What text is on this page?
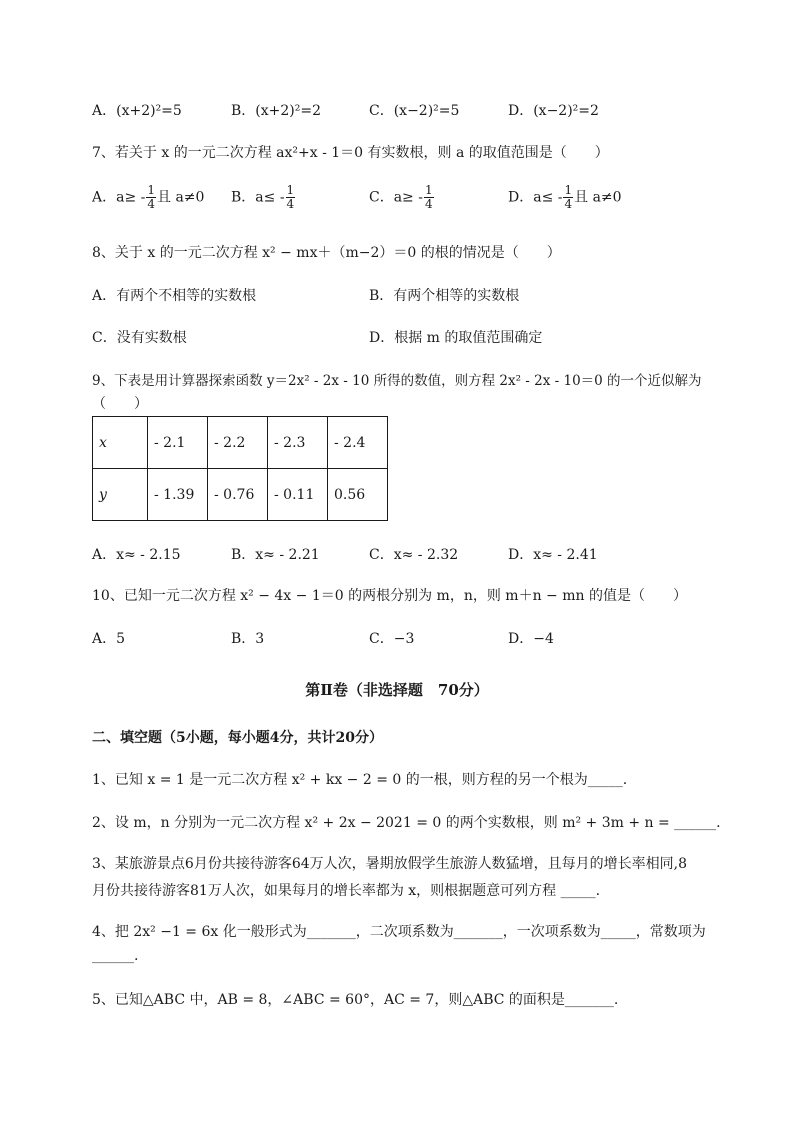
A．(x+2)²=5	B．(x+2)²=2	C．(x−2)²=5	D．(x−2)²=2
7、若关于 x 的一元二次方程 ax²+x - 1＝0 有实数根，则 a 的取值范围是（　　）
A．$a\ge - \frac{1}{4}$ 且 a≠0 B．$a\le - \frac{1}{4}$	C．$a\ge - \frac{1}{4}$	D．$a\le - \frac{1}{4}$ 且 a≠0
8、关于 x 的一元二次方程 x² − mx＋（m−2）＝0 的根的情况是（　　）
A．有两个不相等的实数根	B．有两个相等的实数根
C．没有实数根	D．根据 m 的取值范围确定
9、下表是用计算器探索函数 y＝2x² - 2x - 10 所得的数值，则方程 2x² - 2x - 10＝0 的一个近似解为
（　　）
x	- 2.1	- 2.2	- 2.3	- 2.4
y	- 1.39	- 0.76	- 0.11	0.56
A．x≈ - 2.15	B．x≈ - 2.21	C．x≈ - 2.32	D．x≈ - 2.41
10、已知一元二次方程 x² − 4x − 1＝0 的两根分别为 m，n，则 m＋n − mn 的值是（　　）
A．5	B．3	C．−3	D．−4
第Ⅱ卷（非选择题　70分）
二、填空题（5小题，每小题4分，共计20分）
1、已知 x = 1 是一元二次方程 x² + kx − 2 = 0 的一根，则方程的另一个根为_____.
2、设 m，n 分别为一元二次方程 x² + 2x − 2021 = 0 的两个实数根，则 m² + 3m + n = ______.
3、某旅游景点6月份共接待游客64万人次，暑期放假学生旅游人数猛增，且每月的增长率相同,8
月份共接待游客81万人次，如果每月的增长率都为 x，则根据题意可列方程 _____.
4、把 2x² −1 = 6x 化一般形式为_______，二次项系数为_______，一次项系数为_____，常数项为
______.
5、已知△ABC 中，AB = 8，∠ABC = 60°，AC = 7，则△ABC 的面积是_______.
